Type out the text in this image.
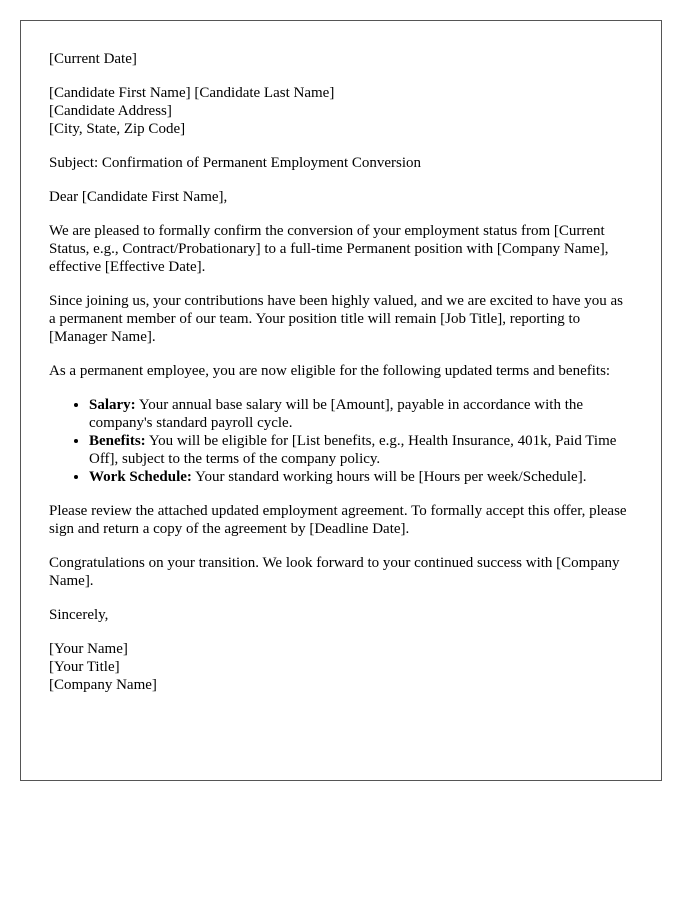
[Current Date]
[Candidate First Name] [Candidate Last Name]
[Candidate Address]
[City, State, Zip Code]

Subject: Confirmation of Permanent Employment Conversion

Dear [Candidate First Name],

We are pleased to formally confirm the conversion of your employment status from [Current Status, e.g., Contract/Probationary] to a full-time Permanent position with [Company Name], effective [Effective Date].

Since joining us, your contributions have been highly valued, and we are excited to have you as a permanent member of our team. Your position title will remain [Job Title], reporting to [Manager Name].

As a permanent employee, you are now eligible for the following updated terms and benefits:

• Salary: Your annual base salary will be [Amount], payable in accordance with the company's standard payroll cycle.
• Benefits: You will be eligible for [List benefits, e.g., Health Insurance, 401k, Paid Time Off], subject to the terms of the company policy.
• Work Schedule: Your standard working hours will be [Hours per week/Schedule].

Please review the attached updated employment agreement. To formally accept this offer, please sign and return a copy of the agreement by [Deadline Date].

Congratulations on your transition. We look forward to your continued success with [Company Name].

Sincerely,

[Your Name]
[Your Title]
[Company Name]
